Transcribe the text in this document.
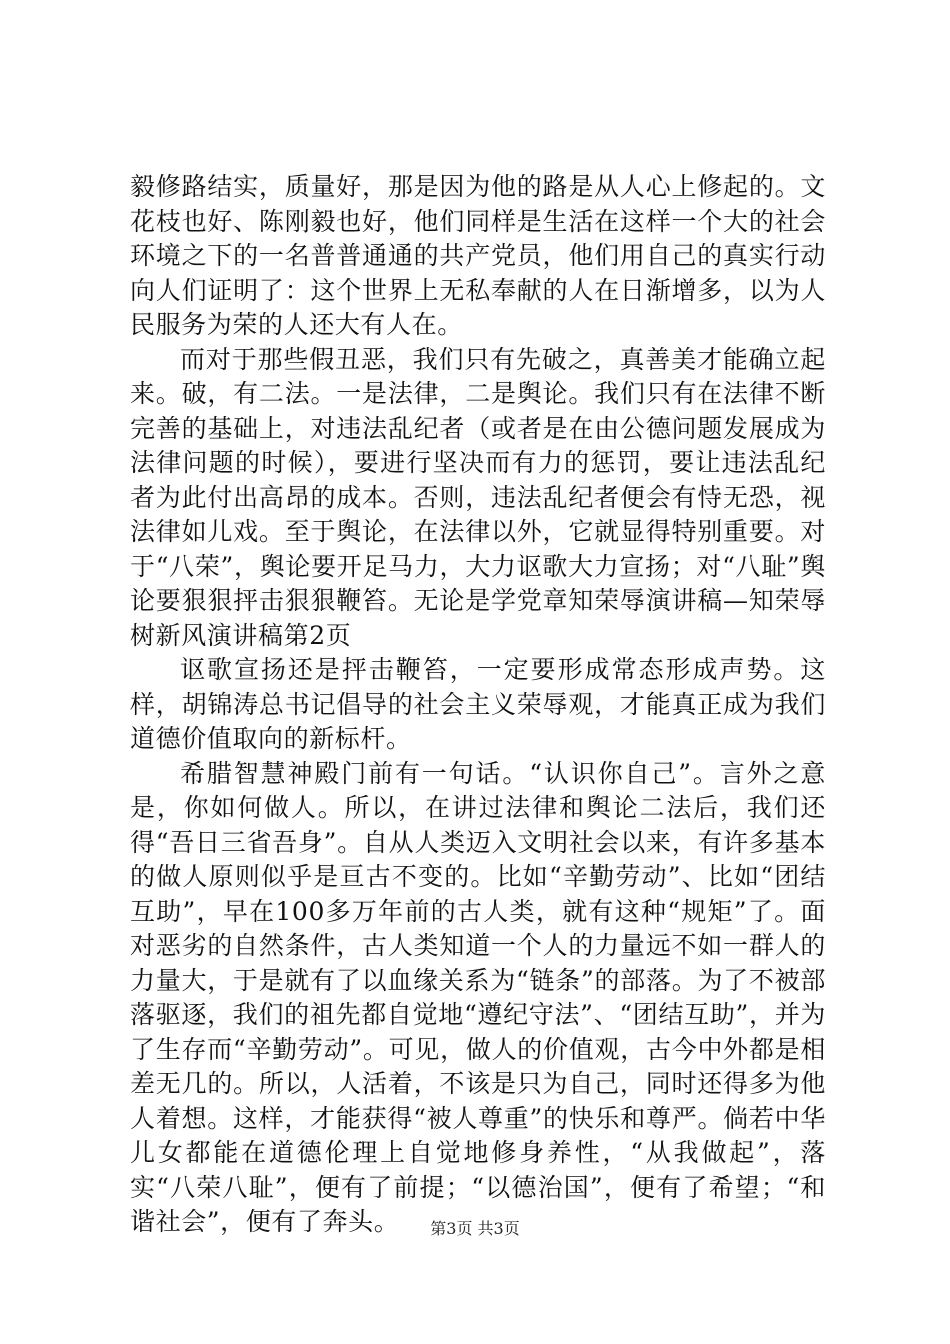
毅修路结实，质量好，那是因为他的路是从人心上修起的。文花枝也好、陈刚毅也好，他们同样是生活在这样一个大的社会环境之下的一名普普通通的共产党员，他们用自己的真实行动向人们证明了：这个世界上无私奉献的人在日渐增多，以为人民服务为荣的人还大有人在。

而对于那些假丑恶，我们只有先破之，真善美才能确立起来。破，有二法。一是法律，二是舆论。我们只有在法律不断完善的基础上，对违法乱纪者（或者是在由公德问题发展成为法律问题的时候），要进行坚决而有力的惩罚，要让违法乱纪者为此付出高昂的成本。否则，违法乱纪者便会有恃无恐，视法律如儿戏。至于舆论，在法律以外，它就显得特别重要。对于“八荣”，舆论要开足马力，大力讴歌大力宣扬；对“八耻”舆论要狠狠抨击狠狠鞭笞。无论是学党章知荣辱演讲稿—知荣辱树新风演讲稿第2页

讴歌宣扬还是抨击鞭笞，一定要形成常态形成声势。这样，胡锦涛总书记倡导的社会主义荣辱观，才能真正成为我们道德价值取向的新标杆。

希腊智慧神殿门前有一句话。“认识你自己”。言外之意是，你如何做人。所以，在讲过法律和舆论二法后，我们还得“吾日三省吾身”。自从人类迈入文明社会以来，有许多基本的做人原则似乎是亘古不变的。比如“辛勤劳动”、比如“团结互助”，早在100多万年前的古人类，就有这种“规矩”了。面对恶劣的自然条件，古人类知道一个人的力量远不如一群人的力量大，于是就有了以血缘关系为“链条”的部落。为了不被部落驱逐，我们的祖先都自觉地“遵纪守法”、“团结互助”，并为了生存而“辛勤劳动”。可见，做人的价值观，古今中外都是相差无几的。所以，人活着，不该是只为自己，同时还得多为他人着想。这样，才能获得“被人尊重”的快乐和尊严。倘若中华儿女都能在道德伦理上自觉地修身养性，“从我做起”，落实“八荣八耻”，便有了前提；“以德治国”，便有了希望；“和谐社会”，便有了奔头。	第3页 共3页
